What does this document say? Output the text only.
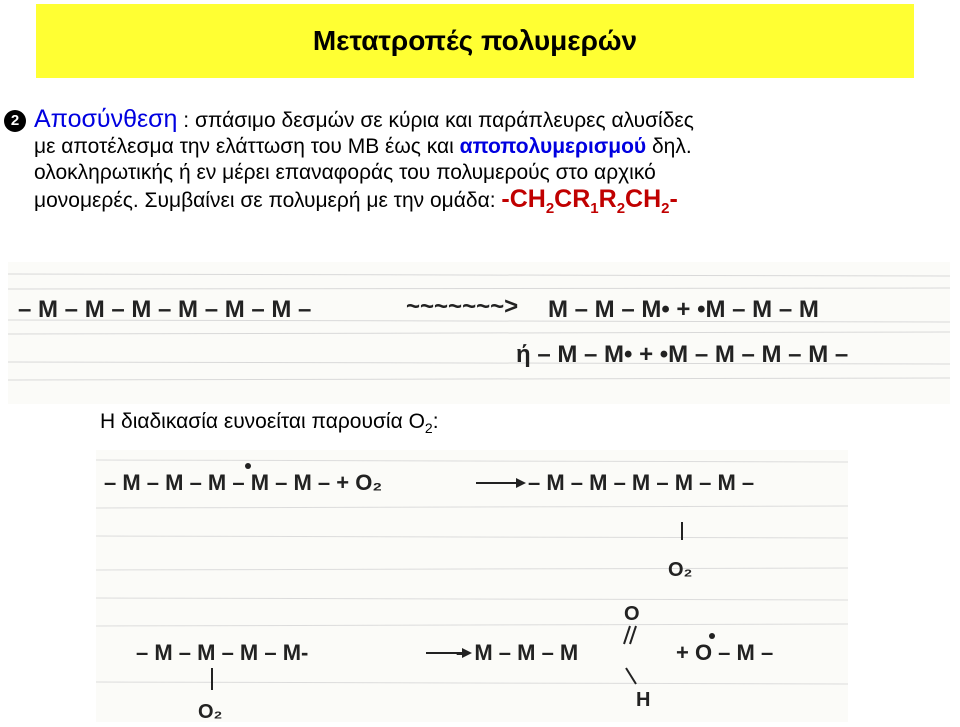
Μετατροπές πολυμερών
2 Αποσύνθεση : σπάσιμο δεσμών σε κύρια και παράπλευρες αλυσίδες
με αποτέλεσμα την ελάττωση του ΜΒ έως και αποπολυμερισμού δηλ.
ολοκληρωτικής ή εν μέρει επαναφοράς του πολυμερούς στο αρχικό
μονομερές. Συμβαίνει σε πολυμερή με την ομάδα: $-CH_2CR_1R_2CH_2-$
– M – M – M – M – M – M –	~~~~~~~> M – M – M• + •M – M – M
ή – M – M• + •M – M – M – M –
Η διαδικασία ευνοείται παρουσία $O_2$:
– M – M – M – M – M – + O₂	– M – M – M – M – M –
O₂
O
– M – M – M – M-	– M – M – M	+ O – M –
H
O₂
